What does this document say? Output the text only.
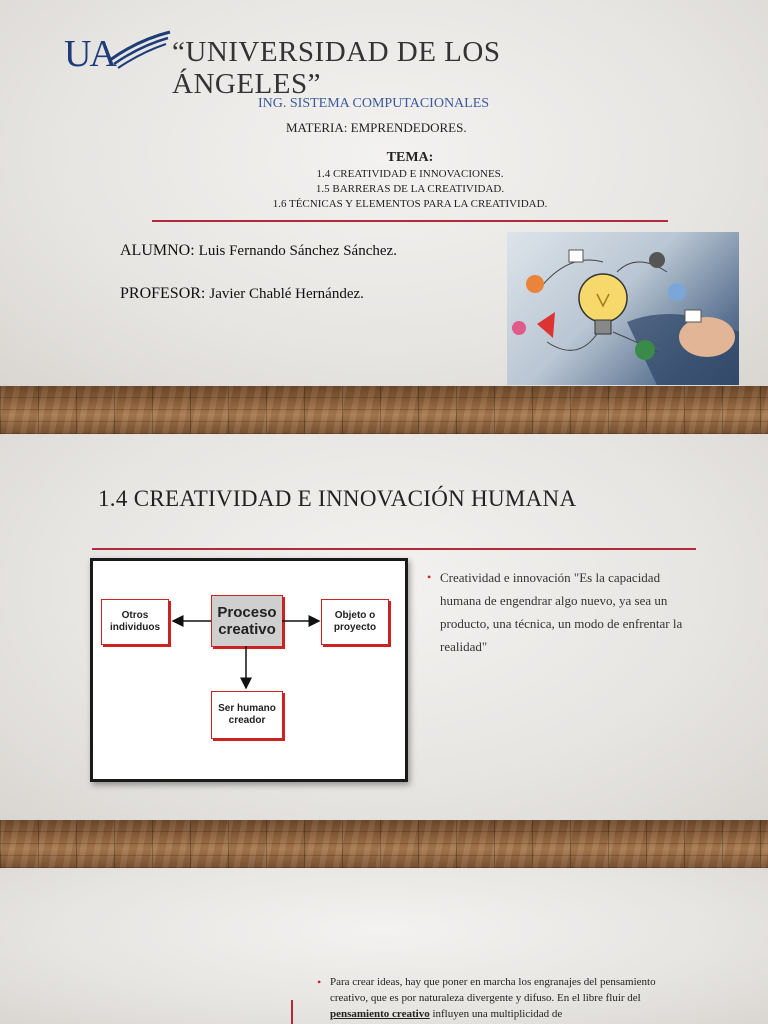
UA “UNIVERSIDAD DE LOS ÁNGELES”
ING. SISTEMA COMPUTACIONALES
MATERIA: EMPRENDEDORES.
TEMA:
1.4 CREATIVIDAD E INNOVACIONES.
1.5 BARRERAS DE LA CREATIVIDAD.
1.6 TÉCNICAS Y ELEMENTOS PARA LA CREATIVIDAD.
ALUMNO: Luis Fernando Sánchez Sánchez.
PROFESOR: Javier Chablé Hernández.
1.4 CREATIVIDAD E INNOVACIÓN HUMANA
Proceso creativo
Otros individuos
Objeto o proyecto
Ser humano creador
• Creatividad e innovación "Es la capacidad humana de engendrar algo nuevo, ya sea un producto, una técnica, un modo de enfrentar la realidad"
• Para crear ideas, hay que poner en marcha los engranajes del pensamiento creativo, que es por naturaleza divergente y difuso. En el libre fluir del pensamiento creativo influyen una multiplicidad de
